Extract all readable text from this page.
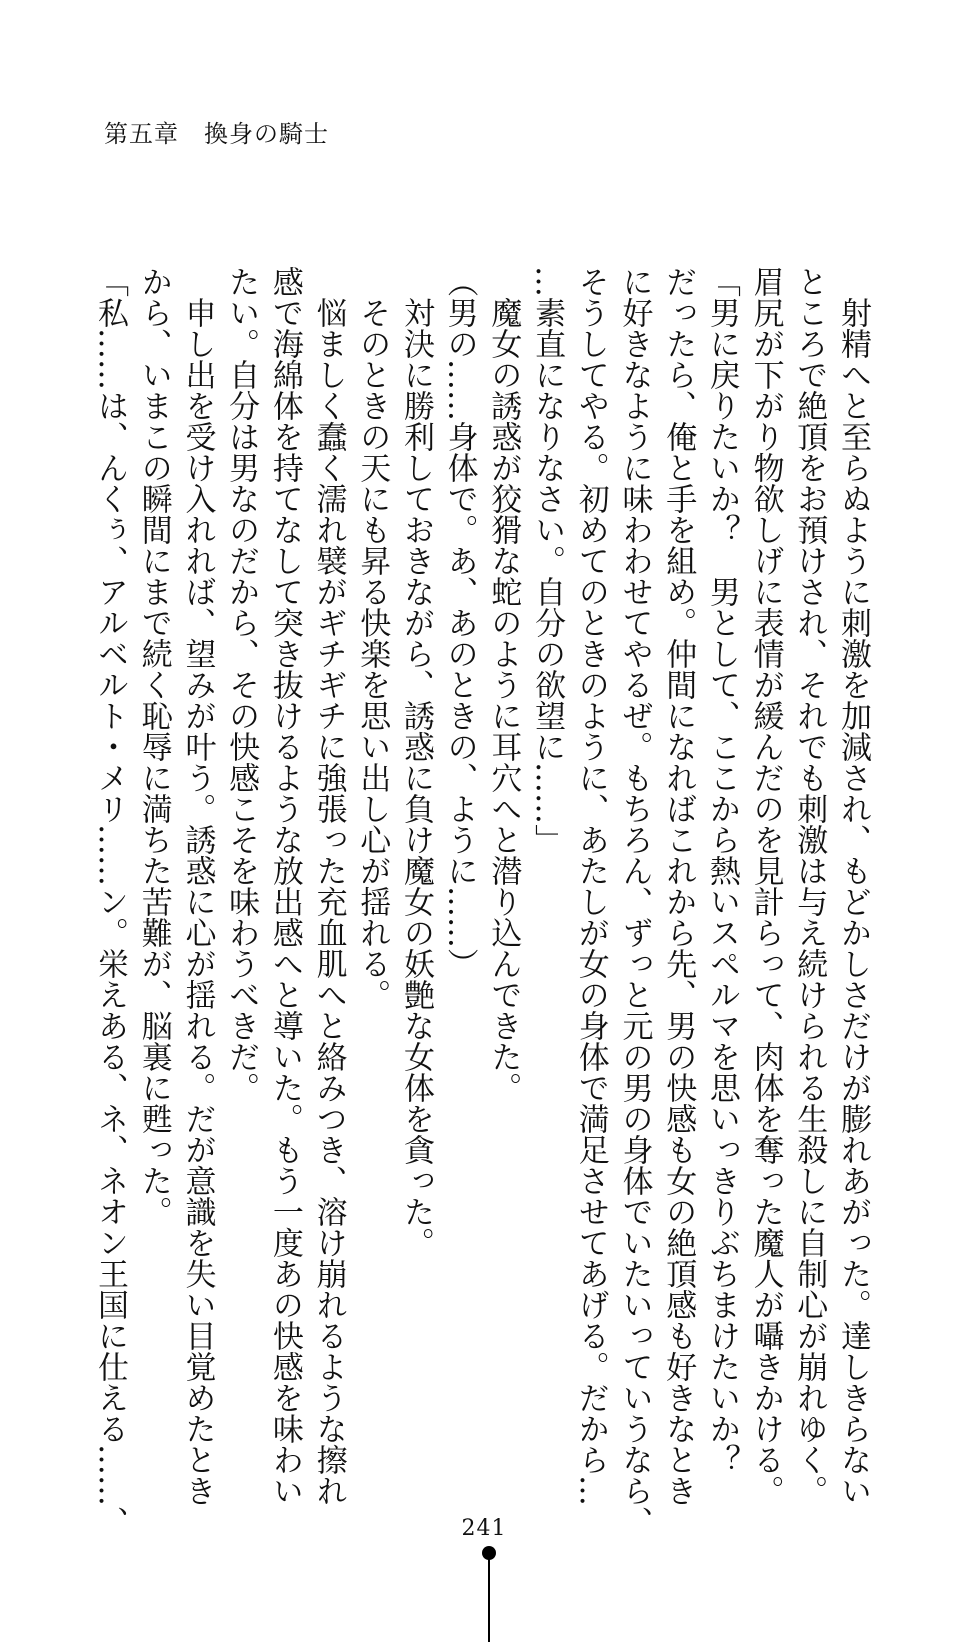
第五章　換身の騎士

　射精へと至らぬように刺激を加減され、もどかしさだけが膨れあがった。達しきらない

ところで絶頂をお預けされ、それでも刺激は与え続けられる生殺しに自制心が崩れゆく。

眉尻が下がり物欲しげに表情が緩んだのを見計らって、肉体を奪った魔人が囁きかける。

「男に戻りたいか？　男として、ここから熱いスペルマを思いっきりぶちまけたいか？

だったら、俺と手を組め。仲間になればこれから先、男の快感も女の絶頂感も好きなとき

に好きなように味わわせてやるぜ。もちろん、ずっと元の男の身体でいたいっていうなら、

そうしてやる。初めてのときのように、あたしが女の身体で満足させてあげる。だから…

…素直になりなさい。自分の欲望に……」

　魔女の誘惑が狡猾な蛇のように耳穴へと潜り込んできた。

（男の……身体で。あ、あのときの、ように……）

　対決に勝利しておきながら、誘惑に負け魔女の妖艶な女体を貪った。

　そのときの天にも昇る快楽を思い出し心が揺れる。

　悩ましく蠢く濡れ襞がギチギチに強張った充血肌へと絡みつき、溶け崩れるような擦れ

感で海綿体を持てなして突き抜けるような放出感へと導いた。もう一度あの快感を味わい

たい。自分は男なのだから、その快感こそを味わうべきだ。

　申し出を受け入れれば、望みが叶う。誘惑に心が揺れる。だが意識を失い目覚めたとき

から、いまこの瞬間にまで続く恥辱に満ちた苦難が、脳裏に甦った。

「私……は、んくぅ、アルベルト・メリ……ン。栄えある、ネ、ネオン王国に仕える……、	241
